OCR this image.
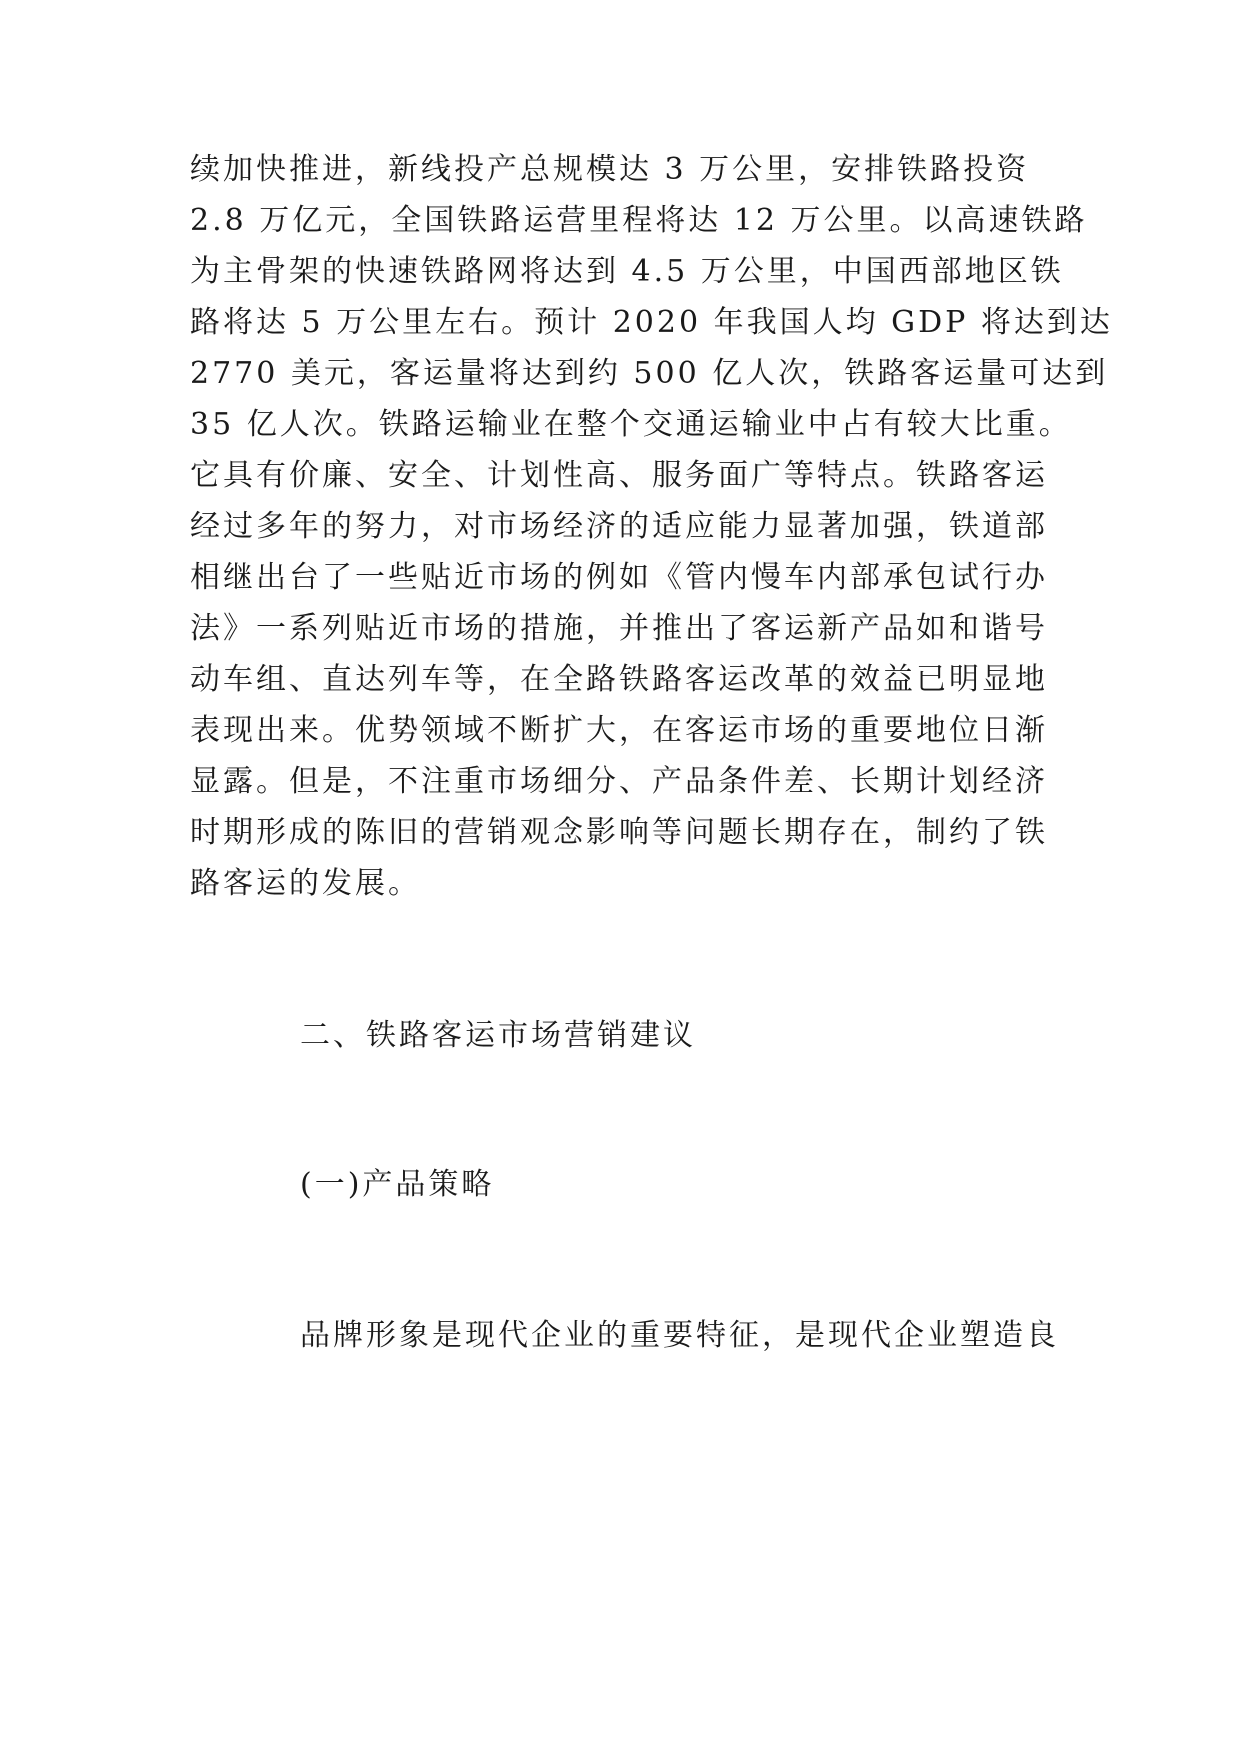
续加快推进，新线投产总规模达 3 万公里，安排铁路投资
2.8 万亿元，全国铁路运营里程将达 12 万公里。以高速铁路
为主骨架的快速铁路网将达到 4.5 万公里，中国西部地区铁
路将达 5 万公里左右。预计 2020 年我国人均 GDP 将达到达
2770 美元，客运量将达到约 500 亿人次，铁路客运量可达到
35 亿人次。铁路运输业在整个交通运输业中占有较大比重。
它具有价廉、安全、计划性高、服务面广等特点。铁路客运
经过多年的努力，对市场经济的适应能力显著加强，铁道部
相继出台了一些贴近市场的例如《管内慢车内部承包试行办
法》一系列贴近市场的措施，并推出了客运新产品如和谐号
动车组、直达列车等，在全路铁路客运改革的效益已明显地
表现出来。优势领域不断扩大，在客运市场的重要地位日渐
显露。但是，不注重市场细分、产品条件差、长期计划经济
时期形成的陈旧的营销观念影响等问题长期存在，制约了铁
路客运的发展。
二、铁路客运市场营销建议
(一)产品策略
品牌形象是现代企业的重要特征，是现代企业塑造良
